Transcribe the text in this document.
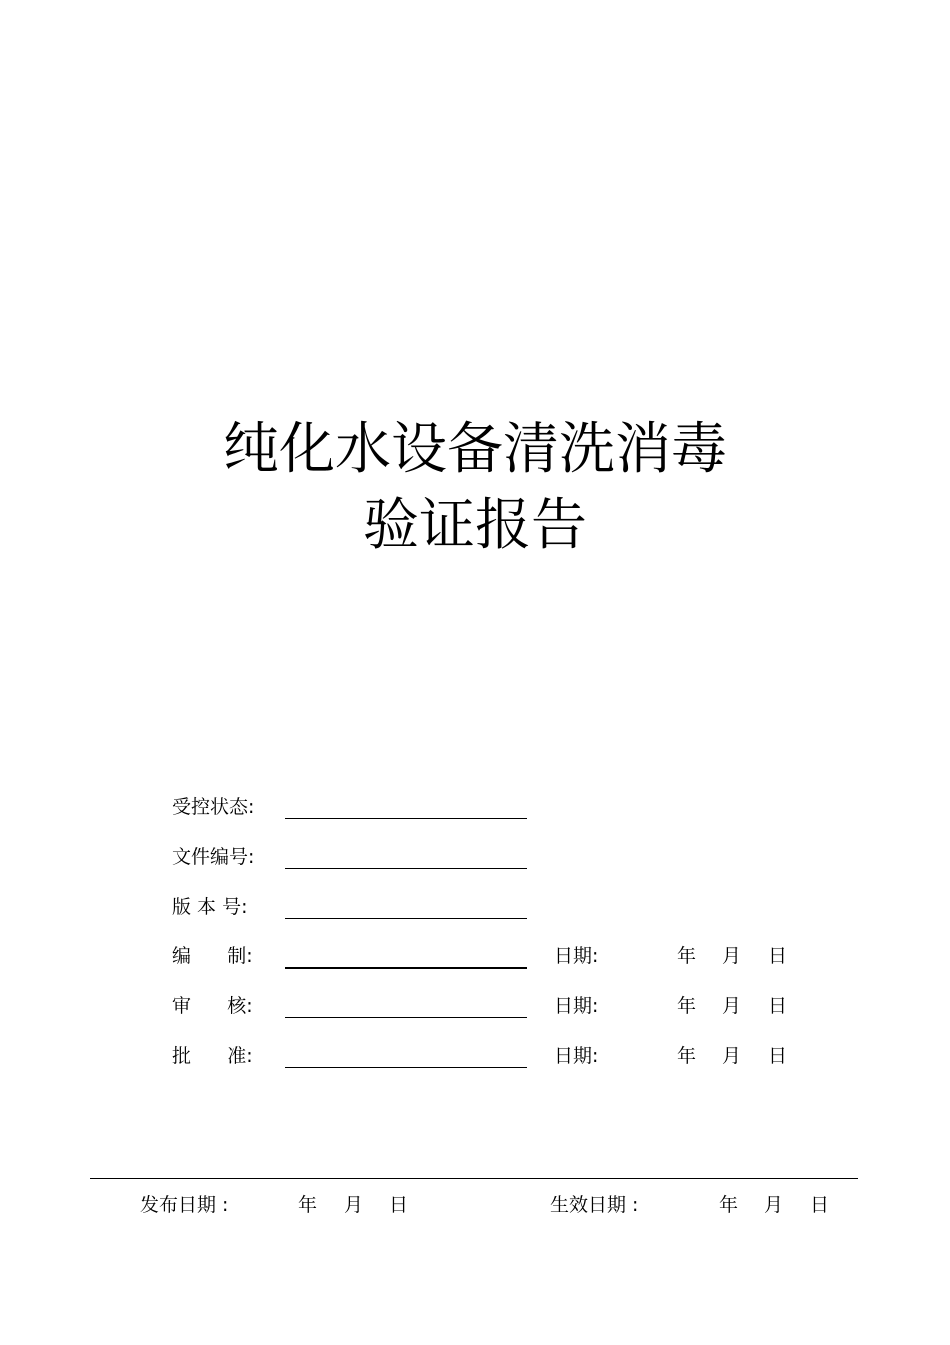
纯化水设备清洗消毒
验证报告
受控状态:
文件编号:
版 本 号:
编      制:	日期:	年 月 日
审      核:	日期:	年 月 日
批      准:	日期:	年 月 日
发布日期 :	年 月 日	生效日期 :	年 月 日
